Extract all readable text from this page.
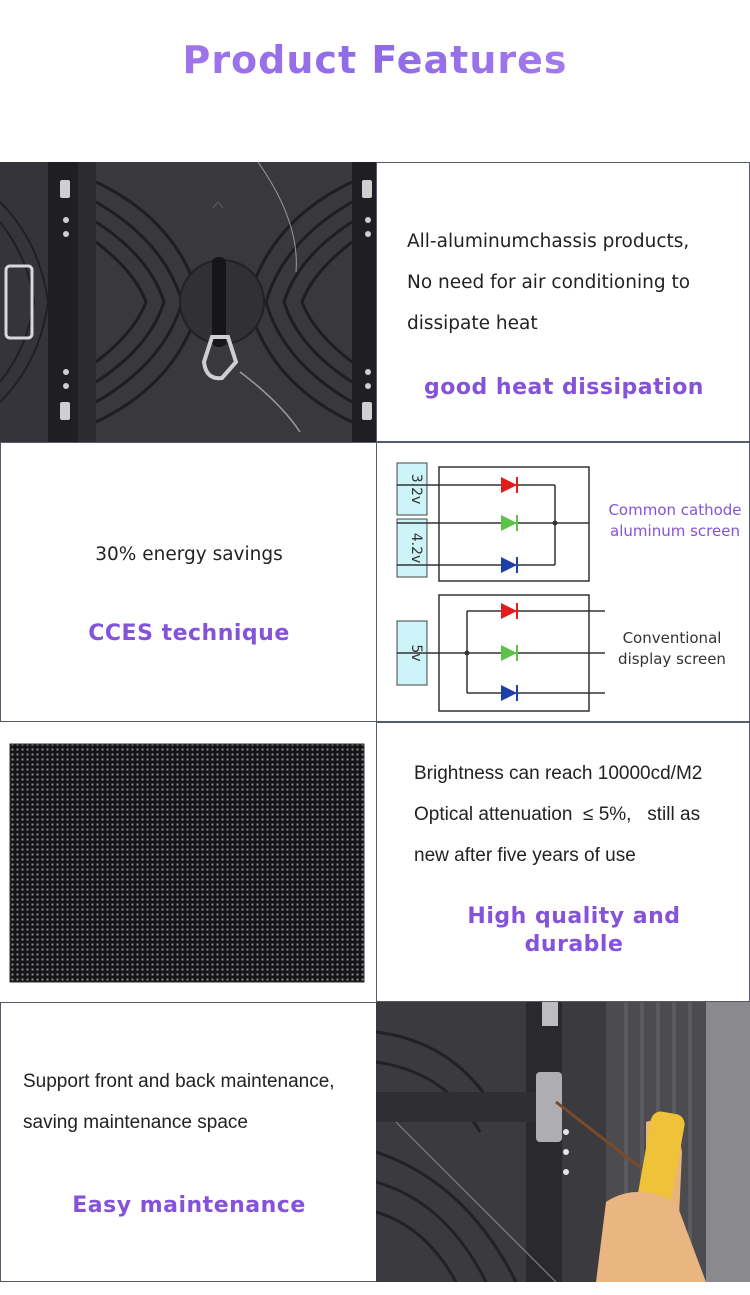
Product Features
All-aluminumchassis products,
No need for air conditioning to
dissipate heat
good heat dissipation
30% energy savings
CCES technique
3.2v
4.2v
Common cathode
aluminum screen
5v
Conventional
display screen
Brightness can reach 10000cd/M2
Optical attenuation  ≤ 5%,   still as
new after five years of use
High quality and
durable
Support front and back maintenance,
saving maintenance space
Easy maintenance
